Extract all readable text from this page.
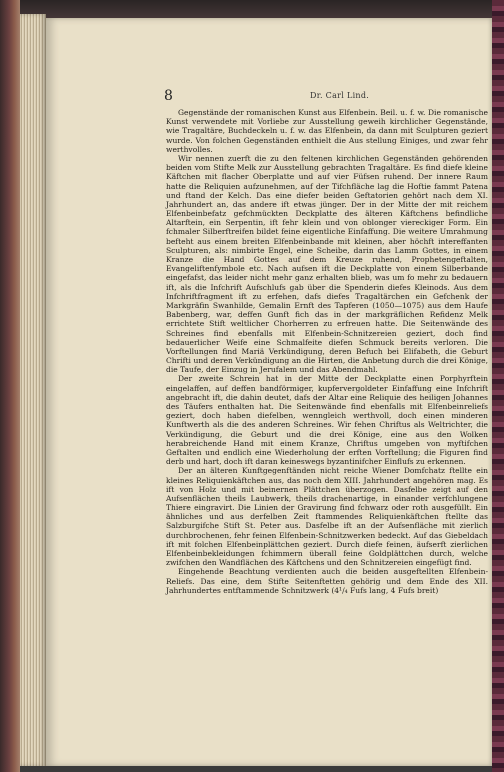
8	Dr. Carl Lind.

Gegenstände der romanischen Kunst aus Elfenbein. Beil. u. f. w. Die romanische Kunst verwendete mit Vorliebe zur Ausstellung geweih kirchlicher Gegenstände, wie Tragaltäre, Buchdeckeln u. f. w. das Elfenbein, da dann mit Sculpturen geziert wurde. Von folchen Gegenständen enthielt die Aus stellung Einiges, und zwar fehr werthvolles.

Wir nennen zuerft die zu den feltenen kirchlichen Gegenständen gehörenden beiden vom Stifte Melk zur Ausstellung gebrachten Tragaltäre. Es find diefe kleine Käftchen mit flacher Oberplatte und auf vier Füfsen ruhend. Der innere Raum hatte die Reliquien aufzunehmen, auf der Tifchfläche lag die Hoftie fammt Patena und ftand der Kelch. Das eine diefer beiden Geftatorien gehört nach dem XI. Jahrhundert an, das andere ift etwas jünger. Der in der Mitte der mit reichem Elfenbeinbefatz gefchmückten Deckplatte des älteren Käftchens befindliche Altarftein, ein Serpentin, ift fehr klein und von oblonger viereckiger Form. Ein fchmaler Silberftreifen bildet feine eigentliche Einfaffung. Die weitere Umrahmung befteht aus einem breiten Elfenbeinbande mit kleinen, aber höchft intereffanten Sculpturen, als: nimbirte Engel, eine Scheibe, darin das Lamm Gottes, in einem Kranze die Hand Gottes auf dem Kreuze ruhend, Prophetengeftalten, Evangeliftenfymbole etc. Nach aufsen ift die Deckplatte von einem Silberbande eingefafst, das leider nicht mehr ganz erhalten blieb, was um fo mehr zu bedauern ift, als die Infchrift Aufschlufs gab über die Spenderin diefes Kleinods. Aus dem Infchriftfragment ift zu erfehen, dafs diefes Tragaltärchen ein Gefchenk der Markgräfin Swanhilde, Gemalin Ernft des Tapferen (1050—1075) aus dem Haufe Babenberg, war, deffen Gunft fich das in der markgräflichen Refidenz Melk errichtete Stift weltlicher Chorherren zu erfreuen hatte. Die Seitenwände des Schreines find ebenfalls mit Elfenbein-Schnitzereien geziert, doch find bedauerlicher Weife eine Schmalfeite diefen Schmuck bereits verloren. Die Vorftellungen find Mariä Verkündigung, deren Befuch bei Elifabeth, die Geburt Chrifti und deren Verkündigung an die Hirten, die Anbetung durch die drei Könige, die Taufe, der Einzug in Jerufalem und das Abendmahl.

Der zweite Schrein hat in der Mitte der Deckplatte einen Porphyrftein eingelaffen, auf deffen bandförmiger, kupfervergoldeter Einfaffung eine Infchrift angebracht ift, die dahin deutet, dafs der Altar eine Reliquie des heiligen Johannes des Täufers enthalten hat. Die Seitenwände find ebenfalls mit Elfenbeinreliefs geziert, doch haben diefelben, wenngleich werthvoll, doch einen minderen Kunftwerth als die des anderen Schreines. Wir fehen Chriftus als Weltrichter, die Verkündigung, die Geburt und die drei Könige, eine aus den Wolken herabreichende Hand mit einem Kranze, Chriftus umgeben von myftifchen Geftalten und endlich eine Wiederholung der erften Vorftellung; die Figuren find derb und hart, doch ift daran keineswegs byzantinifcher Einflufs zu erkennen.

Der an älteren Kunftgegenftänden nicht reiche Wiener Domfchatz ftellte ein kleines Reliquienkäftchen aus, das noch dem XIII. Jahrhundert angehören mag. Es ift von Holz und mit beinernen Plättchen überzogen. Dasfelbe zeigt auf den Aufsenflächen theils Laubwerk, theils drachenartige, in einander verfchlungene Thiere eingravirt. Die Linien der Gravirung find fchwarz oder roth ausgefüllt. Ein ähnliches und aus derfelben Zeit ftammendes Reliquienkäftchen ftellte das Salzburgifche Stift St. Peter aus. Dasfelbe ift an der Aufsenfläche mit zierlich durchbrochenen, fehr feinen Elfenbein-Schnitzwerken bedeckt. Auf das Giebeldach ift mit folchen Elfenbeinplättchen geziert. Durch diefe feinen, äufserft zierlichen Elfenbeinbekleidungen fchimmern überall feine Goldplättchen durch, welche zwifchen den Wandflächen des Käftchens und den Schnitzereien eingefügt find.

Eingehende Beachtung verdienten auch die beiden ausgeftellten Elfenbein-Reliefs. Das eine, dem Stifte Seitenftetten gehörig und dem Ende des XII. Jahrhundertes entftammende Schnitzwerk (4¹/₄ Fufs lang, 4 Fufs breit)
